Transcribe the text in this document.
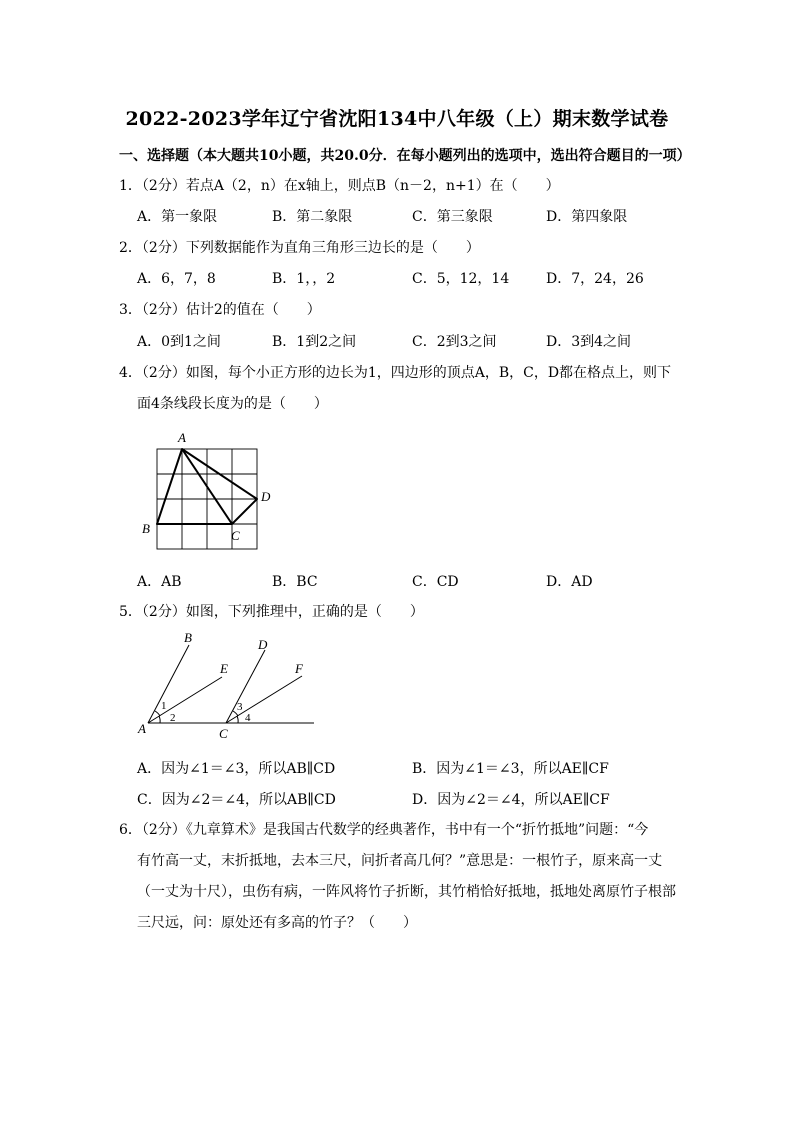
2022-2023学年辽宁省沈阳134中八年级（上）期末数学试卷
一、选择题（本大题共10小题，共20.0分．在每小题列出的选项中，选出符合题目的一项）
1．（2分）若点A（2，n）在x轴上，则点B（n－2，n+1）在（　　）
A．第一象限	B．第二象限	C．第三象限	D．第四象限
2．（2分）下列数据能作为直角三角形三边长的是（　　）
A．6，7，8	B．1，，2	C．5，12，14	D．7，24，26
3．（2分）估计2的值在（　　）
A．0到1之间	B．1到2之间	C．2到3之间	D．3到4之间
4．（2分）如图，每个小正方形的边长为1，四边形的顶点A，B，C，D都在格点上，则下
面4条线段长度为的是（　　）
A
B	C
D
A．AB	B．BC	C．CD	D．AD
5．（2分）如图，下列推理中，正确的是（　　）
B
E
D
F
A	C
1
2
3
4
A．因为∠1＝∠3，所以AB∥CD	B．因为∠1＝∠3，所以AE∥CF
C．因为∠2＝∠4，所以AB∥CD	D．因为∠2＝∠4，所以AE∥CF
6．（2分）《九章算术》是我国古代数学的经典著作，书中有一个“折竹抵地”问题：“今
有竹高一丈，末折抵地，去本三尺，问折者高几何？”意思是：一根竹子，原来高一丈
（一丈为十尺），虫伤有病，一阵风将竹子折断，其竹梢恰好抵地，抵地处离原竹子根部
三尺远，问：原处还有多高的竹子？（　　）
